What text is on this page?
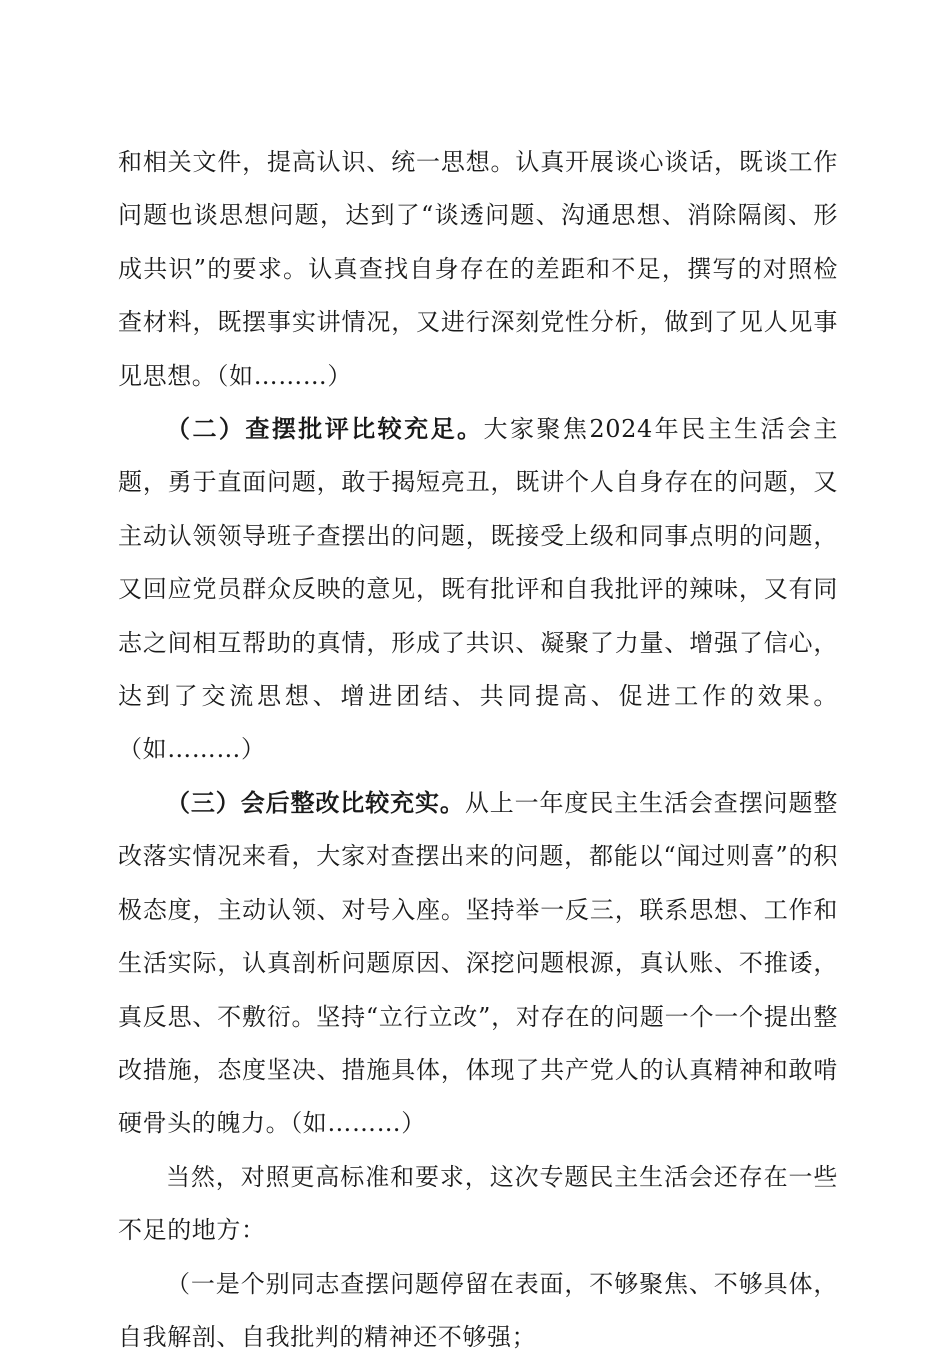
和相关文件，提高认识、统一思想。认真开展谈心谈话，既谈工作问题也谈思想问题，达到了“谈透问题、沟通思想、消除隔阂、形成共识”的要求。认真查找自身存在的差距和不足，撰写的对照检查材料，既摆事实讲情况，又进行深刻党性分析，做到了见人见事见思想。（如………）

（二）查摆批评比较充足。大家聚焦2024年民主生活会主题，勇于直面问题，敢于揭短亮丑，既讲个人自身存在的问题，又主动认领领导班子查摆出的问题，既接受上级和同事点明的问题，又回应党员群众反映的意见，既有批评和自我批评的辣味，又有同志之间相互帮助的真情，形成了共识、凝聚了力量、增强了信心，达到了交流思想、增进团结、共同提高、促进工作的效果。（如………）

（三）会后整改比较充实。从上一年度民主生活会查摆问题整改落实情况来看，大家对查摆出来的问题，都能以“闻过则喜”的积极态度，主动认领、对号入座。坚持举一反三，联系思想、工作和生活实际，认真剖析问题原因、深挖问题根源，真认账、不推诿，真反思、不敷衍。坚持“立行立改”，对存在的问题一个一个提出整改措施，态度坚决、措施具体，体现了共产党人的认真精神和敢啃硬骨头的魄力。（如………）

当然，对照更高标准和要求，这次专题民主生活会还存在一些不足的地方：

（一是个别同志查摆问题停留在表面，不够聚焦、不够具体，自我解剖、自我批判的精神还不够强；
